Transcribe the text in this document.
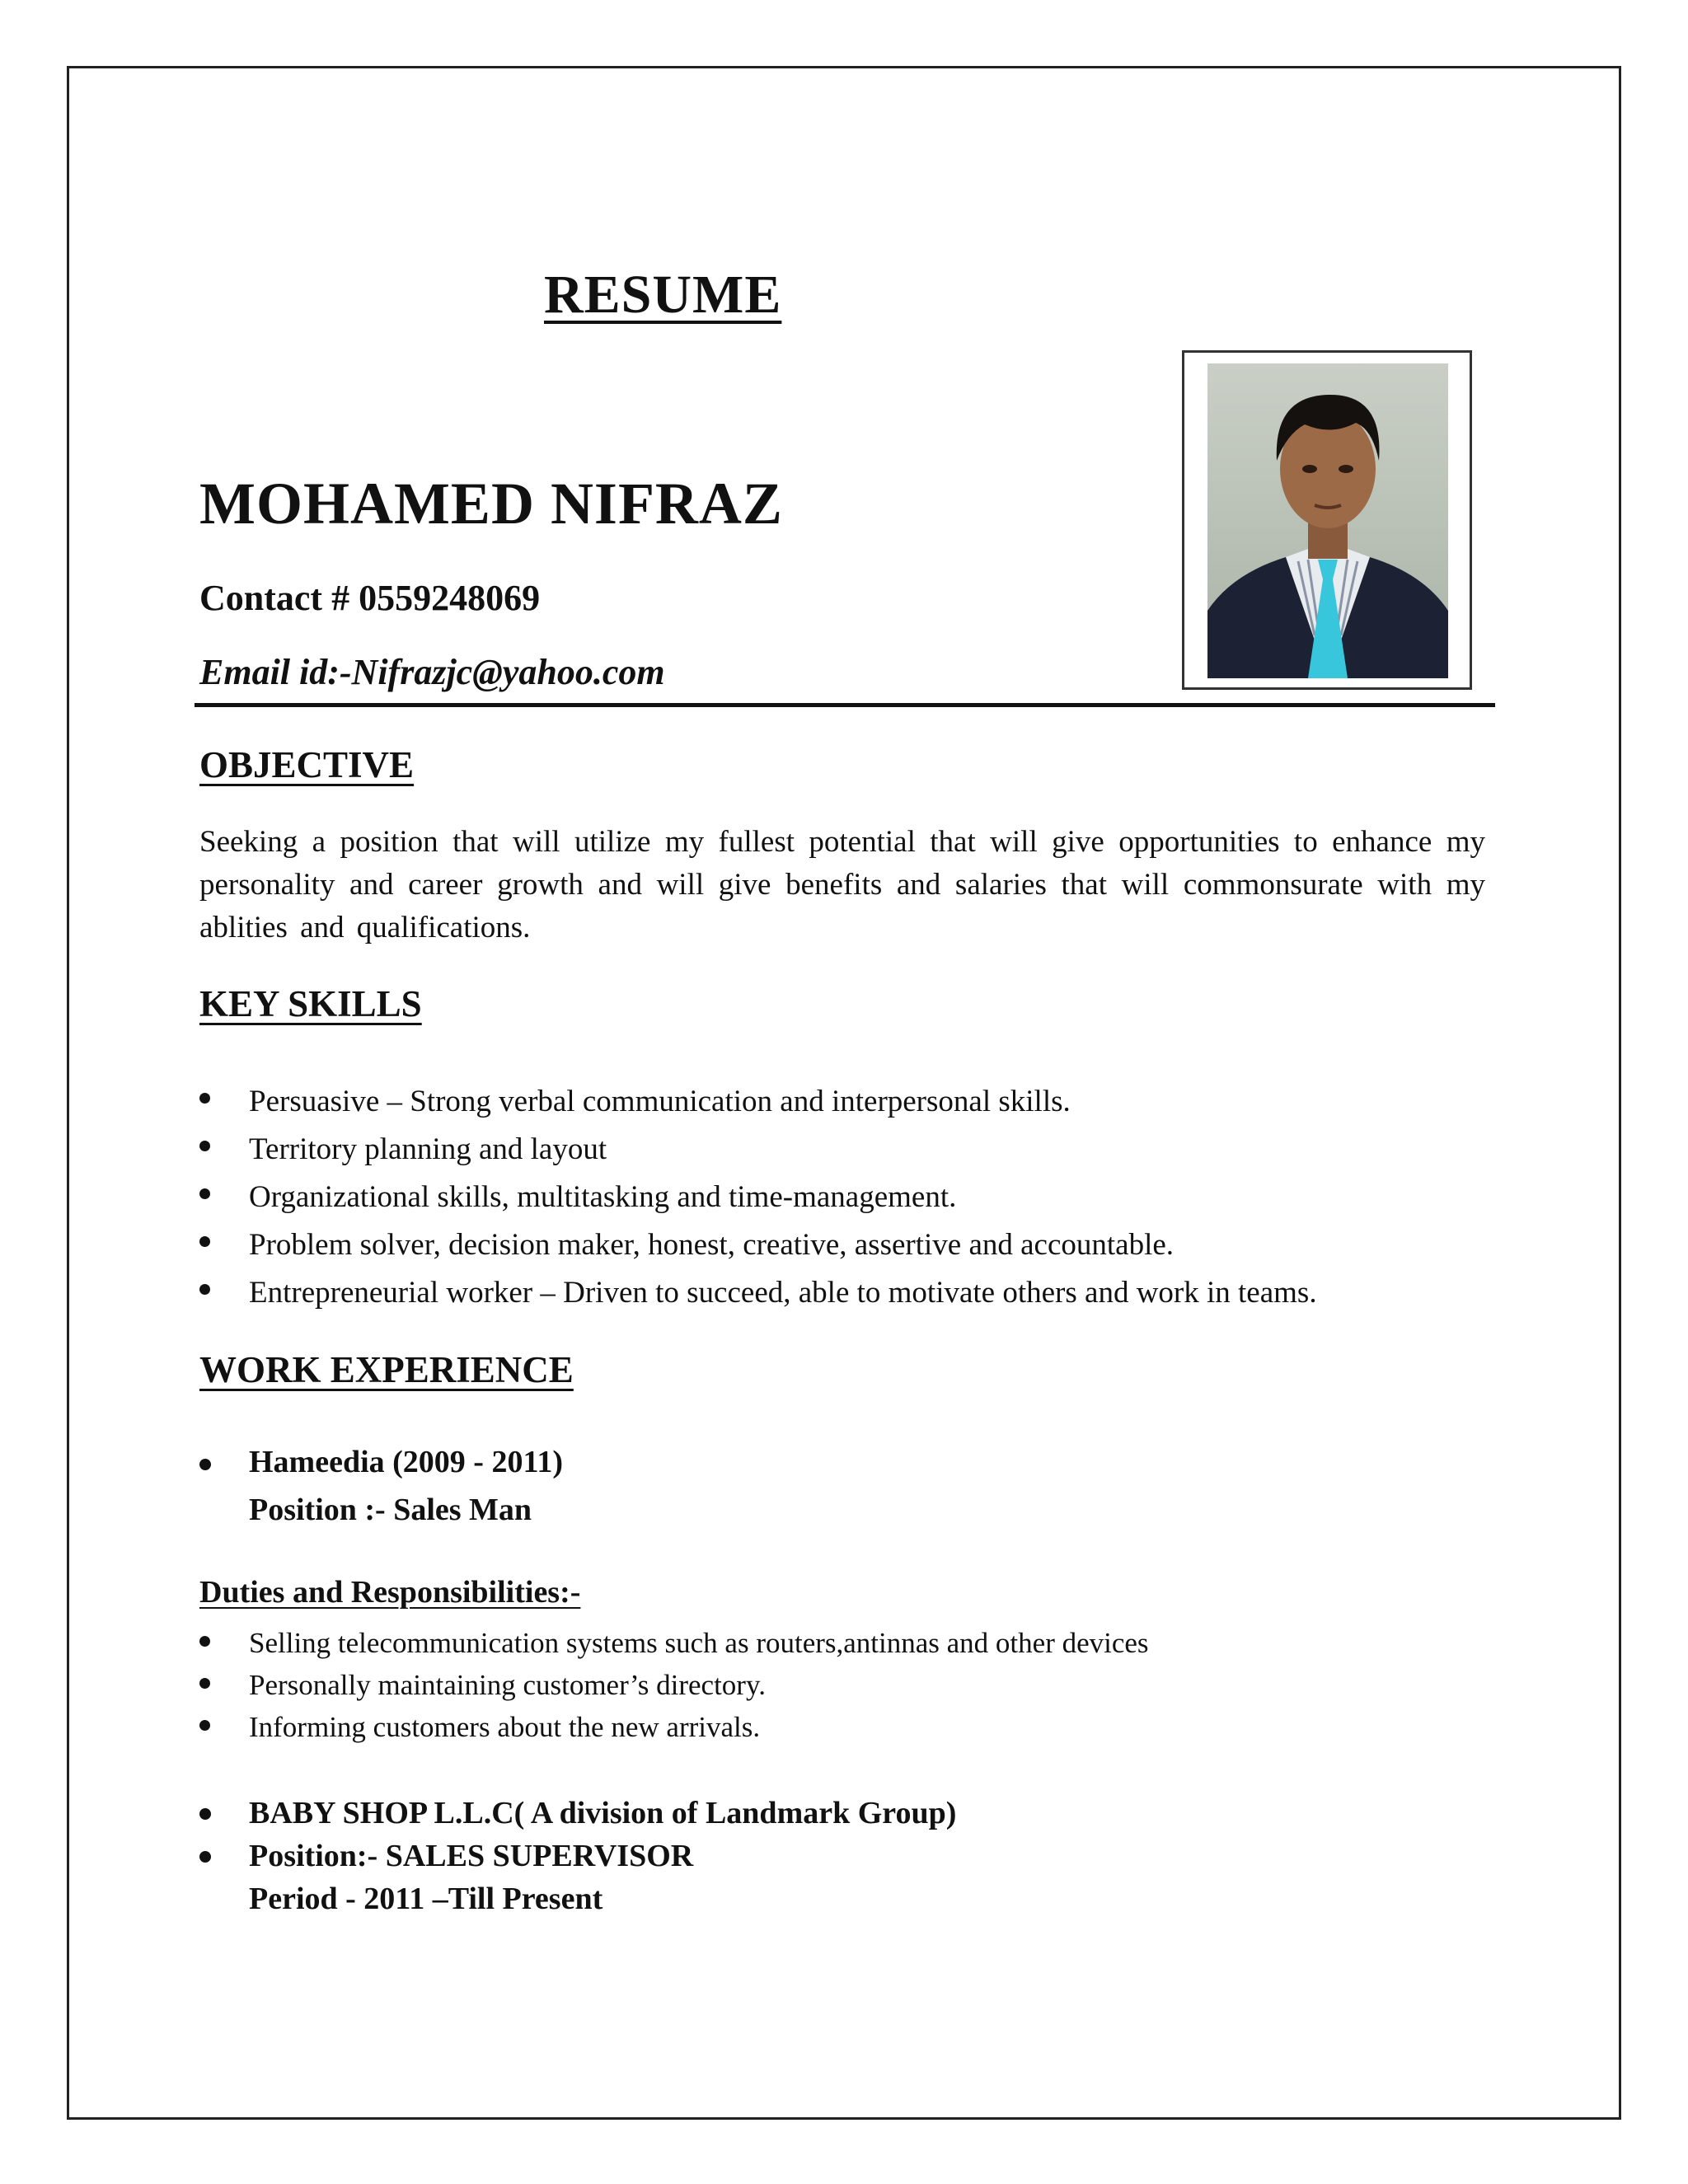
RESUME
MOHAMED NIFRAZ
Contact # 0559248069
Email id:-Nifrazjc@yahoo.com
OBJECTIVE
Seeking a position that will utilize my fullest potential that will give opportunities to enhance my personality and career growth and will give benefits and salaries that will commonsurate with my ablities and qualifications.
KEY SKILLS
Persuasive – Strong verbal communication and interpersonal skills.
Territory planning and layout
Organizational skills, multitasking and time-management.
Problem solver, decision maker, honest, creative, assertive and accountable.
Entrepreneurial worker – Driven to succeed, able to motivate others and work in teams.
WORK EXPERIENCE
Hameedia (2009 - 2011)
Position :- Sales Man
Duties and Responsibilities:-
Selling telecommunication systems such as routers,antinnas and other devices
Personally maintaining customer’s directory.
Informing customers about the new arrivals.
BABY SHOP L.L.C( A division of Landmark Group)
Position:- SALES SUPERVISOR
Period - 2011 –Till Present
